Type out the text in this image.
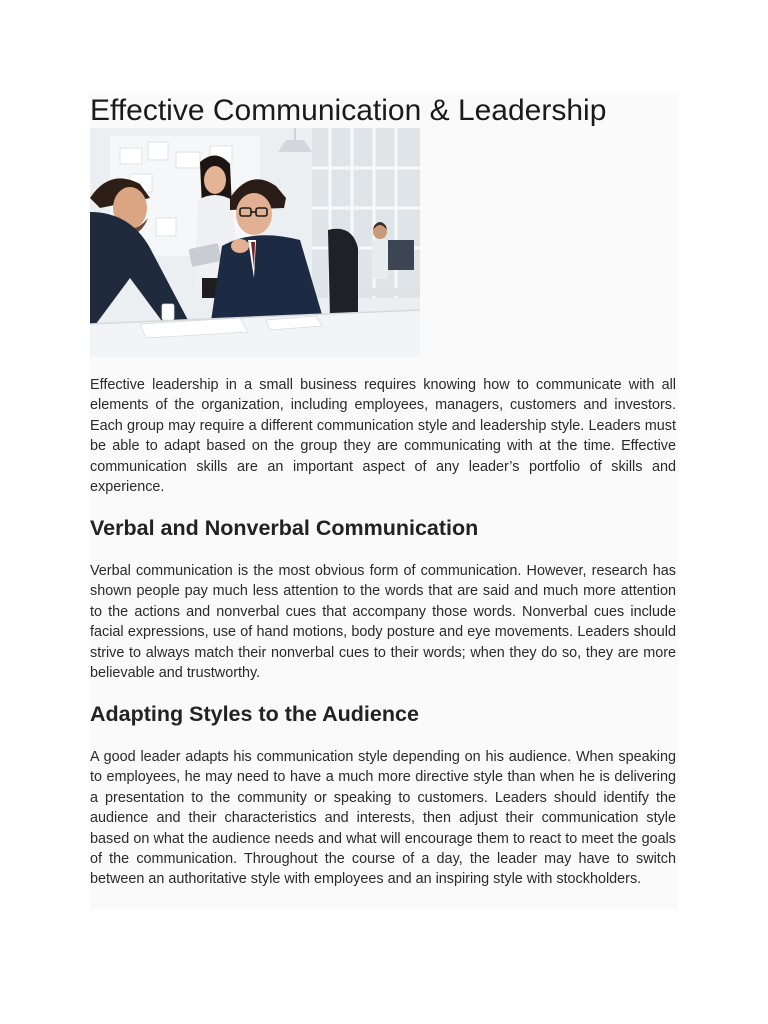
Effective Communication & Leadership

Effective leadership in a small business requires knowing how to communicate with all elements of the organization, including employees, managers, customers and investors. Each group may require a different communication style and leadership style. Leaders must be able to adapt based on the group they are communicating with at the time. Effective communication skills are an important aspect of any leader’s portfolio of skills and experience.

Verbal and Nonverbal Communication

Verbal communication is the most obvious form of communication. However, research has shown people pay much less attention to the words that are said and much more attention to the actions and nonverbal cues that accompany those words. Nonverbal cues include facial expressions, use of hand motions, body posture and eye movements. Leaders should strive to always match their nonverbal cues to their words; when they do so, they are more believable and trustworthy.

Adapting Styles to the Audience

A good leader adapts his communication style depending on his audience. When speaking to employees, he may need to have a much more directive style than when he is delivering a presentation to the community or speaking to customers. Leaders should identify the audience and their characteristics and interests, then adjust their communication style based on what the audience needs and what will encourage them to react to meet the goals of the communication. Throughout the course of a day, the leader may have to switch between an authoritative style with employees and an inspiring style with stockholders.
